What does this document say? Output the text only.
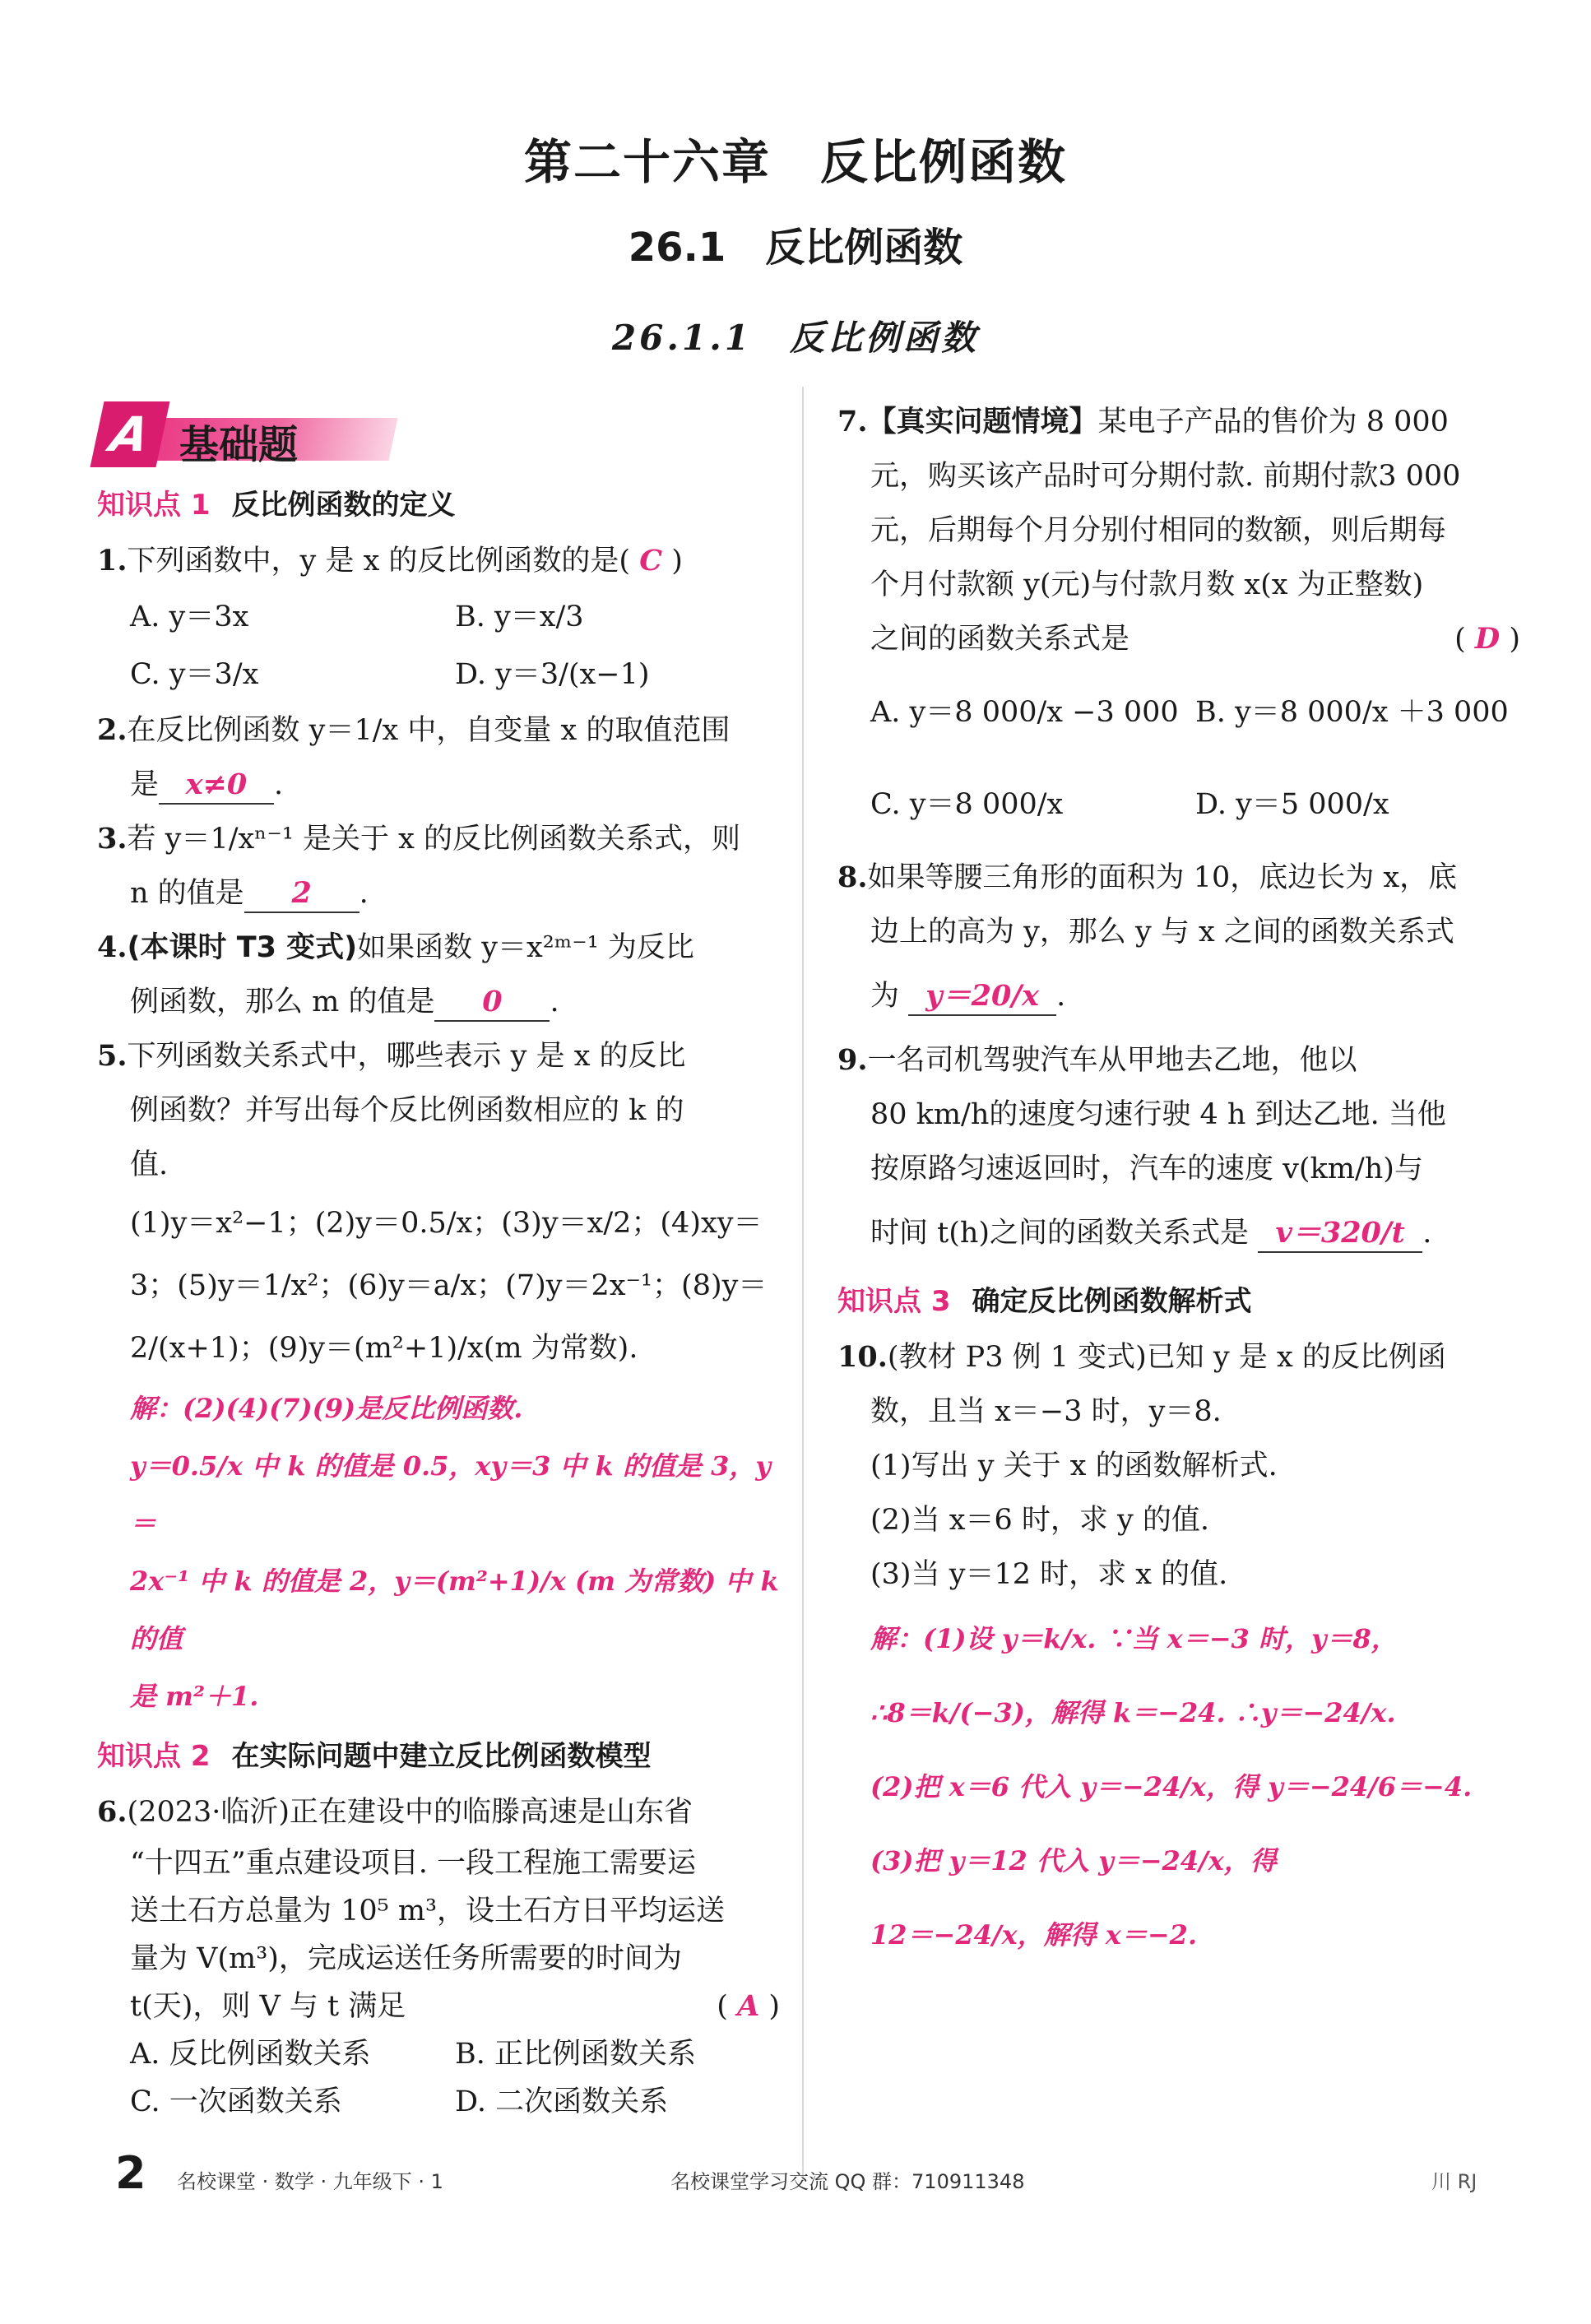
第二十六章　反比例函数
26.1　反比例函数
26.1.1　反比例函数
A 基础题
知识点 1 反比例函数的定义
1.下列函数中，y 是 x 的反比例函数的是( C )
A. y＝3x	B. y＝x/3
C. y＝3/x	D. y＝3/(x−1)
2.在反比例函数 y＝1/x 中，自变量 x 的取值范围
是 x≠0 .
3.若 y＝1/xⁿ⁻¹ 是关于 x 的反比例函数关系式，则
n 的值是 2 .
4.(本课时 T3 变式)如果函数 y＝x²ᵐ⁻¹ 为反比
例函数，那么 m 的值是 0 .
5.下列函数关系式中，哪些表示 y 是 x 的反比
例函数？并写出每个反比例函数相应的 k 的
值.
(1)y＝x²−1；(2)y＝0.5/x；(3)y＝x/2；(4)xy＝
3；(5)y＝1/x²；(6)y＝a/x；(7)y＝2x⁻¹；(8)y＝
2/(x+1)；(9)y＝(m²+1)/x(m 为常数).
解：(2)(4)(7)(9)是反比例函数.
y＝0.5/x 中 k 的值是 0.5，xy＝3 中 k 的值是 3，y＝
2x⁻¹ 中 k 的值是 2，y＝(m²+1)/x (m 为常数) 中 k 的值
是 m²＋1.
知识点 2 在实际问题中建立反比例函数模型
6.(2023·临沂)正在建设中的临滕高速是山东省
“十四五”重点建设项目. 一段工程施工需要运
送土石方总量为 10⁵ m³，设土石方日平均运送
量为 V(m³)，完成运送任务所需要的时间为
t(天)，则 V 与 t 满足	( A )
A. 反比例函数关系	B. 正比例函数关系
C. 一次函数关系	D. 二次函数关系
7.【真实问题情境】某电子产品的售价为 8 000
元，购买该产品时可分期付款. 前期付款3 000
元，后期每个月分别付相同的数额，则后期每
个月付款额 y(元)与付款月数 x(x 为正整数)
之间的函数关系式是	( D )
A. y＝8 000/x −3 000 B. y＝8 000/x ＋3 000
C. y＝8 000/x	D. y＝5 000/x
8.如果等腰三角形的面积为 10，底边长为 x，底
边上的高为 y，那么 y 与 x 之间的函数关系式
为 y＝20/x .
9.一名司机驾驶汽车从甲地去乙地，他以
80 km/h的速度匀速行驶 4 h 到达乙地. 当他
按原路匀速返回时，汽车的速度 v(km/h)与
时间 t(h)之间的函数关系式是 v＝320/t .
知识点 3 确定反比例函数解析式
10.(教材 P3 例 1 变式)已知 y 是 x 的反比例函
数，且当 x＝−3 时，y＝8.
(1)写出 y 关于 x 的函数解析式.
(2)当 x＝6 时，求 y 的值.
(3)当 y＝12 时，求 x 的值.
解：(1)设 y＝k/x. ∵当 x＝−3 时，y＝8，
∴8＝k/(−3)，解得 k＝−24. ∴y＝−24/x.
(2)把 x＝6 代入 y＝−24/x，得 y＝−24/6＝−4.
(3)把 y＝12 代入 y＝−24/x，得
12＝−24/x，解得 x＝−2.
2 名校课堂 · 数学 · 九年级下 · 1	名校课堂学习交流 QQ 群：710911348	川 RJ
